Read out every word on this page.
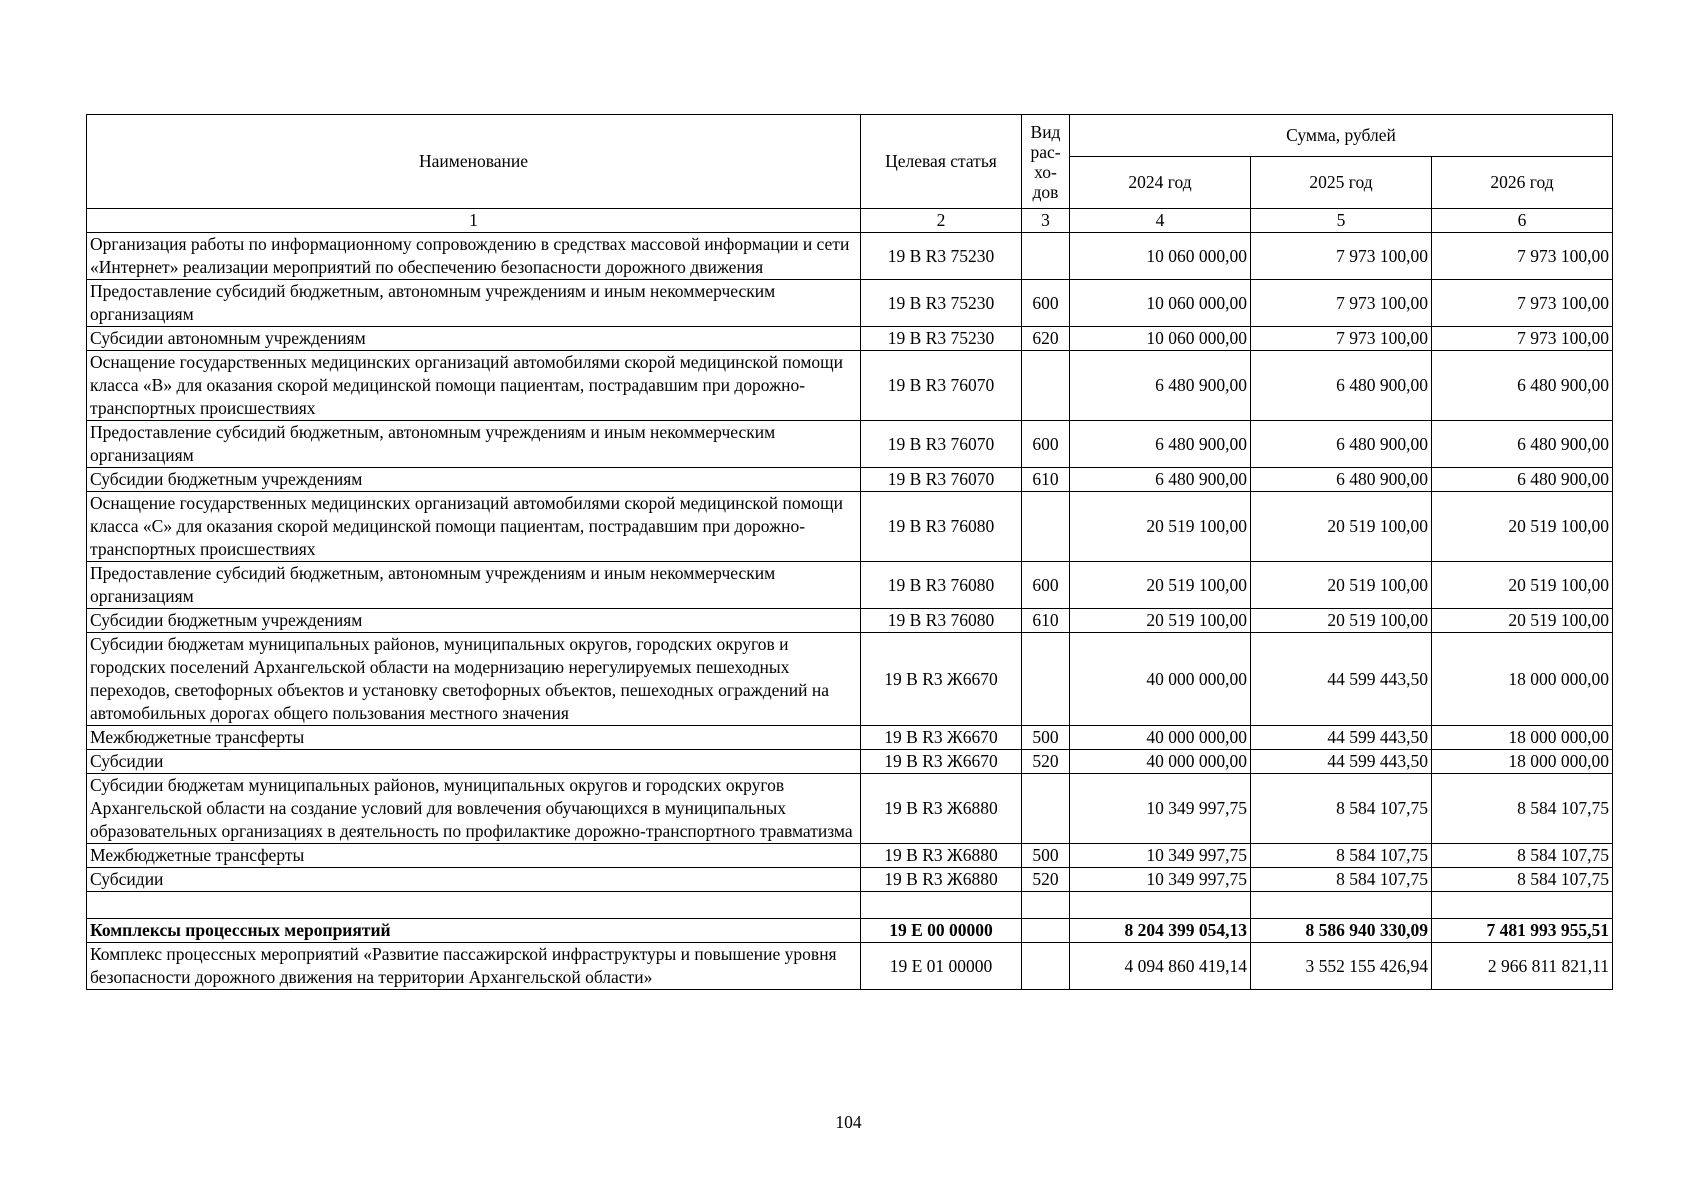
Наименование	Целевая статья	Вид рас-хо-дов	Сумма, рублей		
			2024 год	2025 год	2026 год
1	2	3	4	5	6
Организация работы по информационному сопровождению в средствах массовой информации и сети «Интернет» реализации мероприятий по обеспечению безопасности дорожного движения	19 В R3 75230		10 060 000,00	7 973 100,00	7 973 100,00
Предоставление субсидий бюджетным, автономным учреждениям и иным некоммерческим организациям	19 В R3 75230	600	10 060 000,00	7 973 100,00	7 973 100,00
Субсидии автономным учреждениям	19 В R3 75230	620	10 060 000,00	7 973 100,00	7 973 100,00
Оснащение государственных медицинских организаций автомобилями скорой медицинской помощи класса «В» для оказания скорой медицинской помощи пациентам, пострадавшим при дорожно-транспортных происшествиях	19 В R3 76070		6 480 900,00	6 480 900,00	6 480 900,00
Предоставление субсидий бюджетным, автономным учреждениям и иным некоммерческим организациям	19 В R3 76070	600	6 480 900,00	6 480 900,00	6 480 900,00
Субсидии бюджетным учреждениям	19 В R3 76070	610	6 480 900,00	6 480 900,00	6 480 900,00
Оснащение государственных медицинских организаций автомобилями скорой медицинской помощи класса «С» для оказания скорой медицинской помощи пациентам, пострадавшим при дорожно-транспортных происшествиях	19 В R3 76080		20 519 100,00	20 519 100,00	20 519 100,00
Предоставление субсидий бюджетным, автономным учреждениям и иным некоммерческим организациям	19 В R3 76080	600	20 519 100,00	20 519 100,00	20 519 100,00
Субсидии бюджетным учреждениям	19 В R3 76080	610	20 519 100,00	20 519 100,00	20 519 100,00
Субсидии бюджетам муниципальных районов, муниципальных округов, городских округов и городских поселений Архангельской области на модернизацию нерегулируемых пешеходных переходов, светофорных объектов и установку светофорных объектов, пешеходных ограждений на автомобильных дорогах общего пользования местного значения	19 В R3 Ж6670		40 000 000,00	44 599 443,50	18 000 000,00
Межбюджетные трансферты	19 В R3 Ж6670	500	40 000 000,00	44 599 443,50	18 000 000,00
Субсидии	19 В R3 Ж6670	520	40 000 000,00	44 599 443,50	18 000 000,00
Субсидии бюджетам муниципальных районов, муниципальных округов и городских округов Архангельской области на создание условий для вовлечения обучающихся в муниципальных образовательных организациях в деятельность по профилактике дорожно-транспортного травматизма	19 В R3 Ж6880		10 349 997,75	8 584 107,75	8 584 107,75
Межбюджетные трансферты	19 В R3 Ж6880	500	10 349 997,75	8 584 107,75	8 584 107,75
Субсидии	19 В R3 Ж6880	520	10 349 997,75	8 584 107,75	8 584 107,75

Комплексы процессных мероприятий	19 Е 00 00000		8 204 399 054,13	8 586 940 330,09	7 481 993 955,51
Комплекс процессных мероприятий «Развитие пассажирской инфраструктуры и повышение уровня безопасности дорожного движения на территории Архангельской области»	19 Е 01 00000		4 094 860 419,14	3 552 155 426,94	2 966 811 821,11
104
